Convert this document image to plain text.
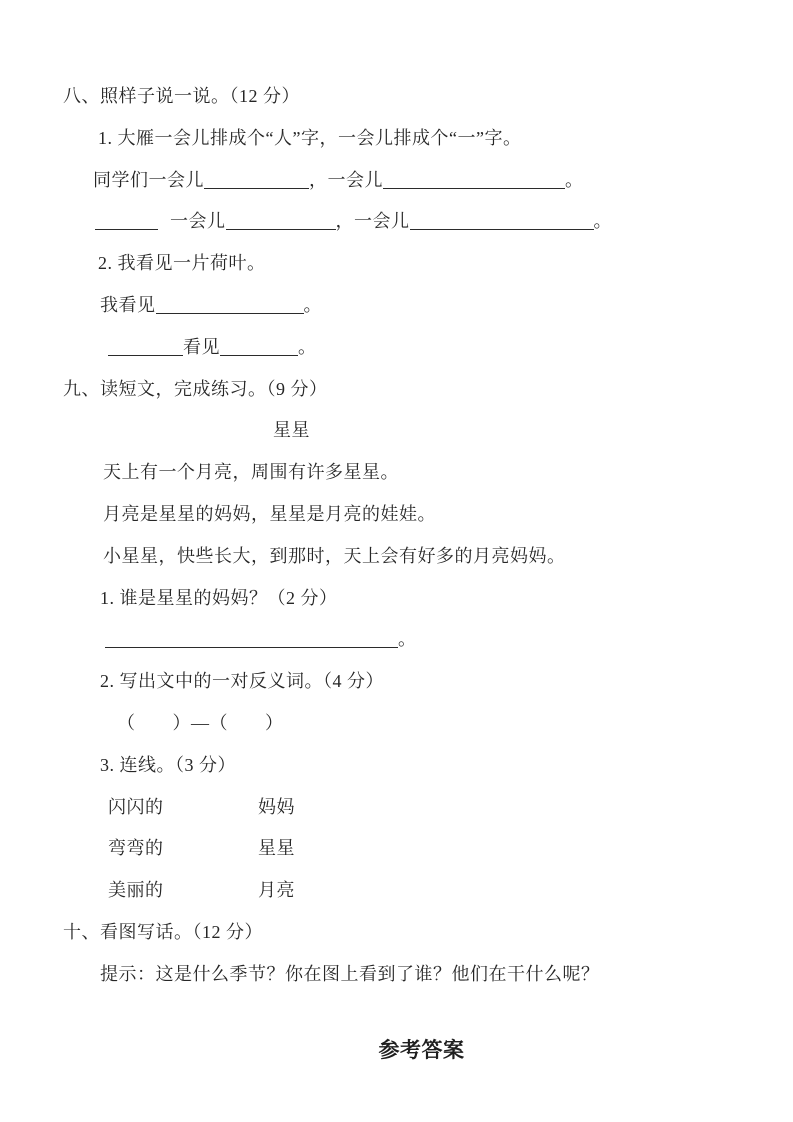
八、照样子说一说。（12 分）
1. 大雁一会儿排成个“人”字，一会儿排成个“一”字。
同学们一会儿	，一会儿	。
一会儿	，一会儿	。
2. 我看见一片荷叶。
我看见	。
看见	。
九、读短文，完成练习。（9 分）
星星
天上有一个月亮，周围有许多星星。
月亮是星星的妈妈，星星是月亮的娃娃。
小星星，快些长大，到那时，天上会有好多的月亮妈妈。
1. 谁是星星的妈妈？（2 分）
。
2. 写出文中的一对反义词。（4 分）
（　　）—（　　）
3. 连线。（3 分）
闪闪的	妈妈
弯弯的	星星
美丽的	月亮
十、看图写话。（12 分）
提示：这是什么季节？你在图上看到了谁？他们在干什么呢？
参考答案
